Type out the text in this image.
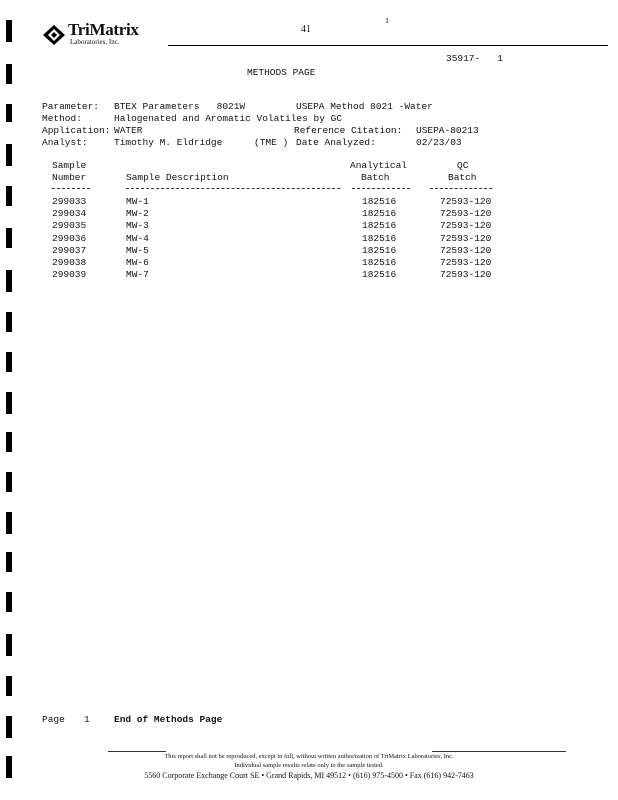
TriMatrix
Laboratories, Inc.
41
1
35917-   1
METHODS PAGE
Parameter: BTEX Parameters   8021W	USEPA Method 8021 -Water
Method:	Halogenated and Aromatic Volatiles by GC
Application: WATER	Reference Citation: USEPA-80213
Analyst:	Timothy M. Eldridge	(TME ) Date Analyzed:	02/23/03
Sample
Number	Sample Description
Analytical
Batch
QC
Batch
299033	MW-1	182516	72593-120
299034	MW-2	182516	72593-120
299035	MW-3	182516	72593-120
299036	MW-4	182516	72593-120
299037	MW-5	182516	72593-120
299038	MW-6	182516	72593-120
299039	MW-7	182516	72593-120
Page 1	End of Methods Page
This report shall not be reproduced, except in full, without written authorization of TriMatrix Laboratories, Inc.
Individual sample results relate only to the sample tested.
5560 Corporate Exchange Court SE • Grand Rapids, MI 49512 • (616) 975-4500 • Fax (616) 942-7463
